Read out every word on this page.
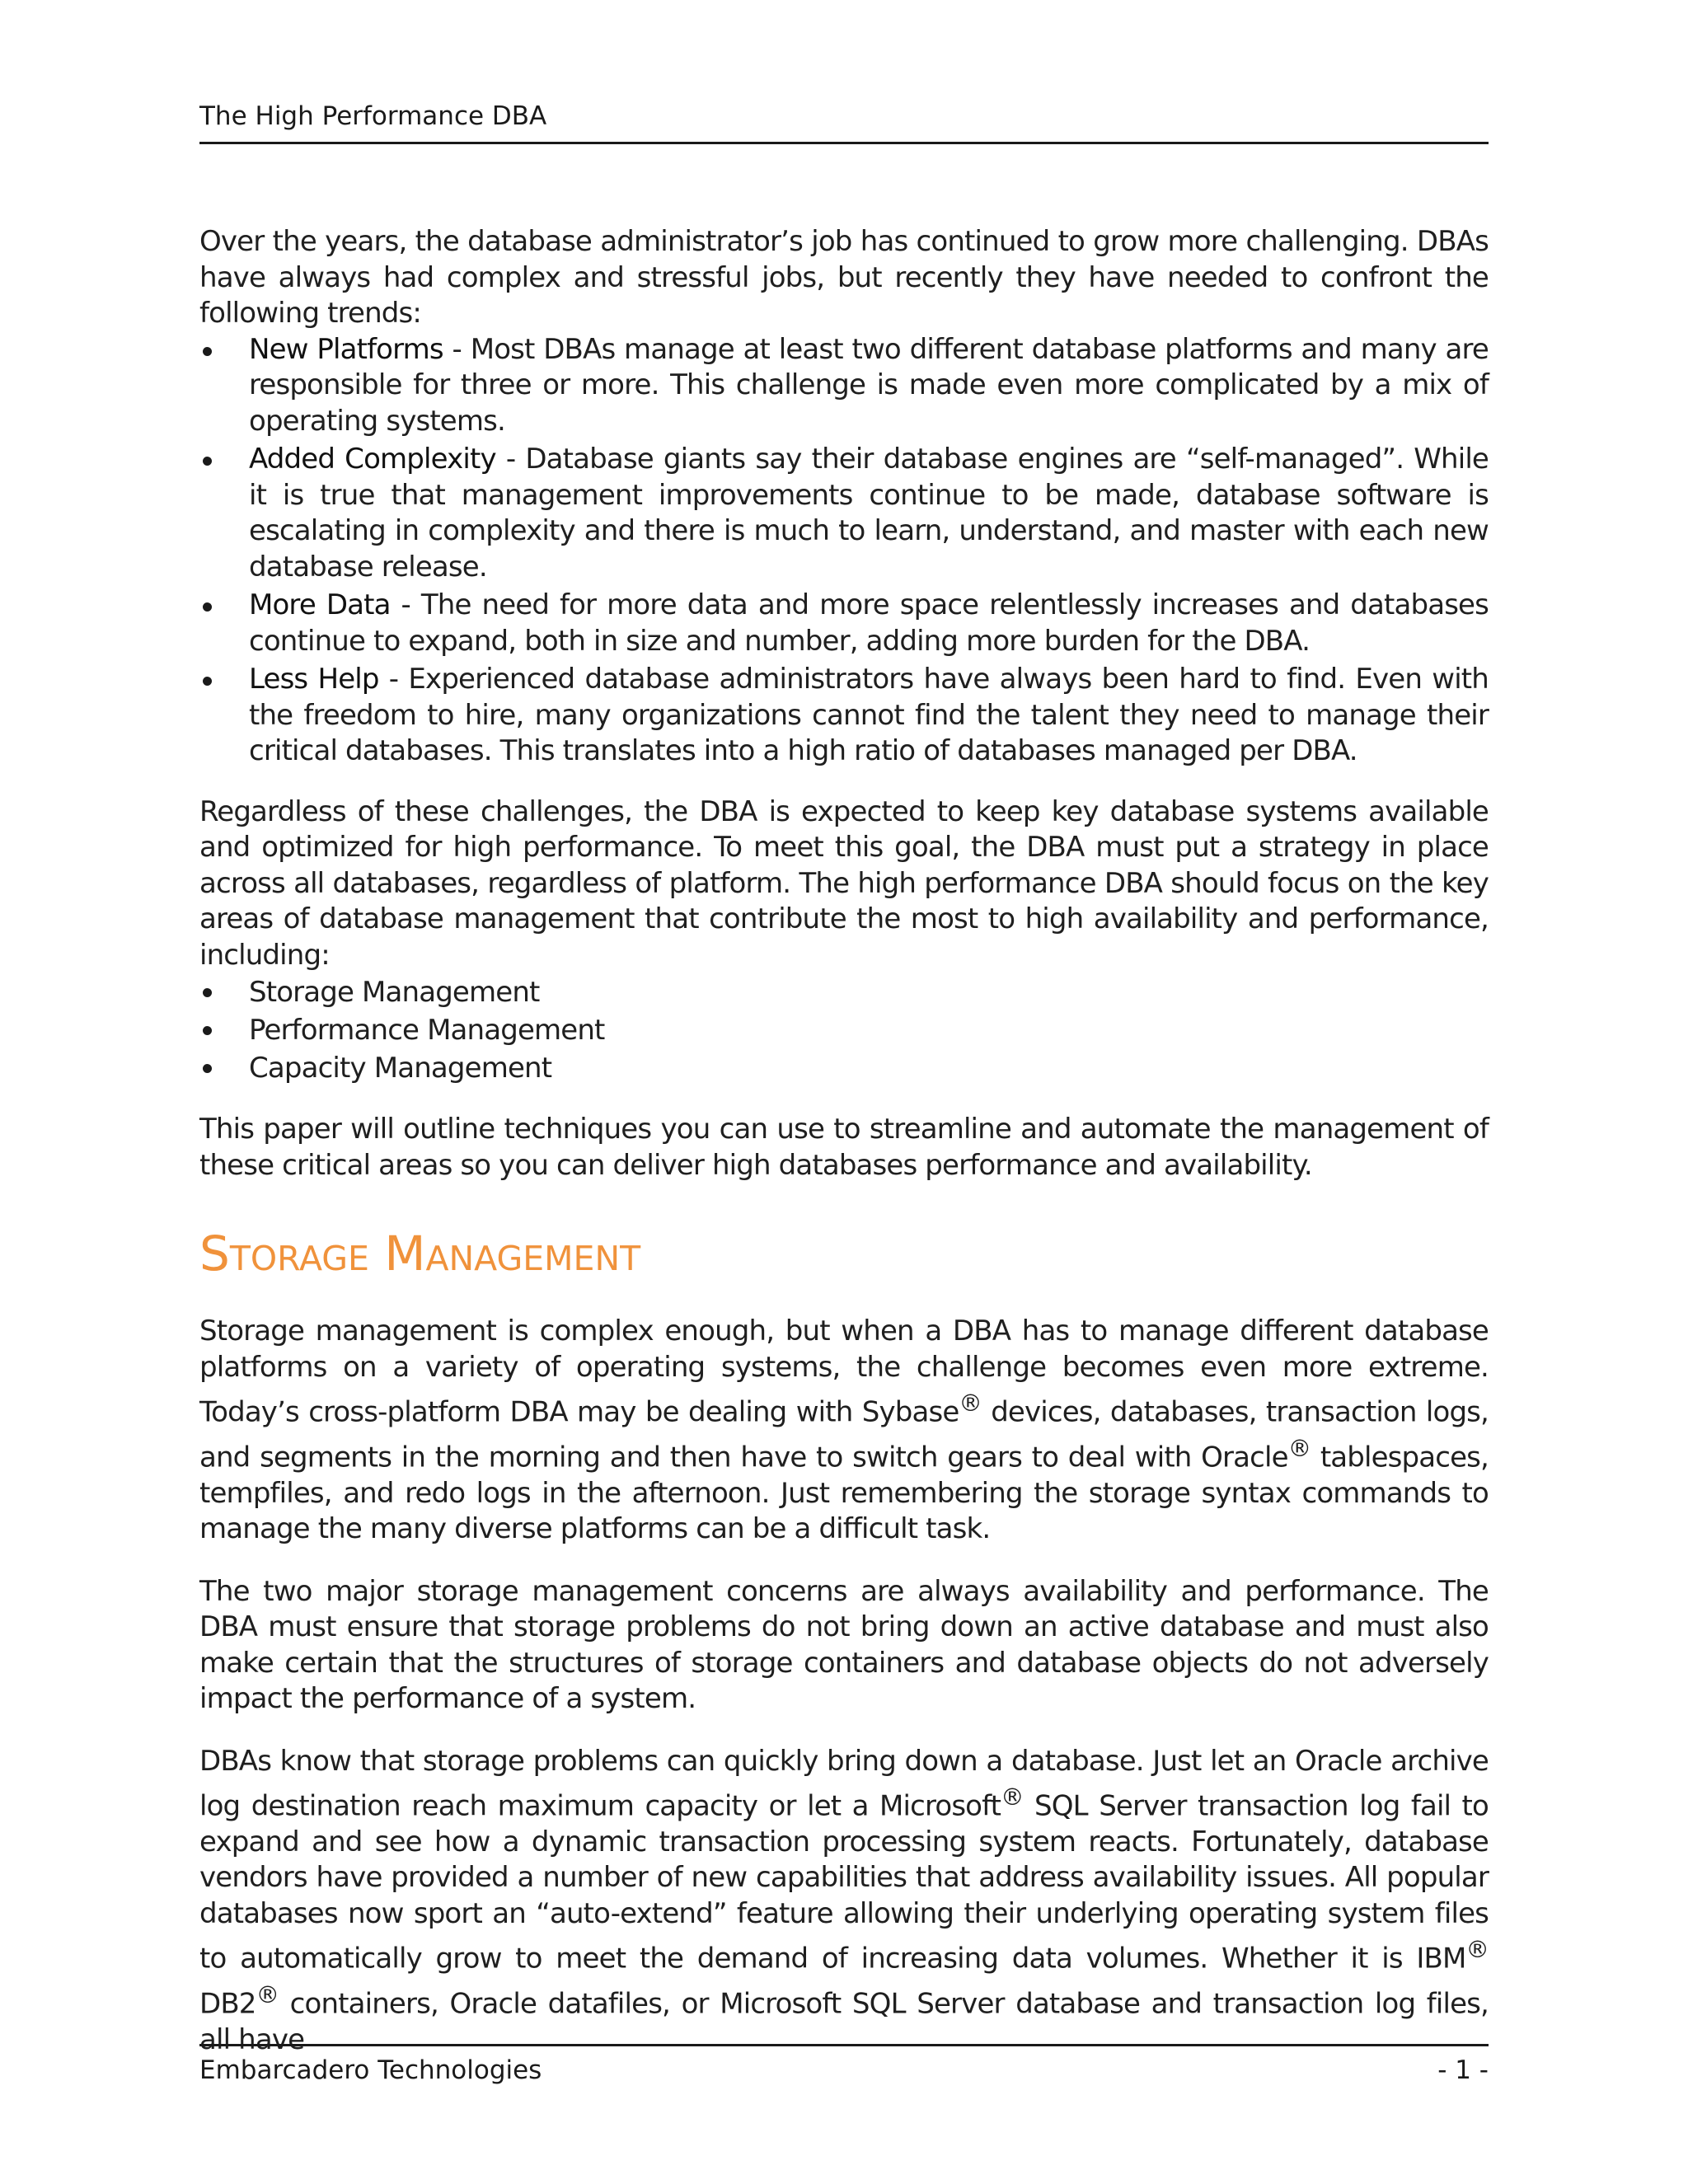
The High Performance DBA

Over the years, the database administrator’s job has continued to grow more challenging. DBAs have always had complex and stressful jobs, but recently they have needed to confront the following trends:

New Platforms - Most DBAs manage at least two different database platforms and many are responsible for three or more. This challenge is made even more complicated by a mix of operating systems.
Added Complexity - Database giants say their database engines are “self-managed”. While it is true that management improvements continue to be made, database software is escalating in complexity and there is much to learn, understand, and master with each new database release.
More Data - The need for more data and more space relentlessly increases and databases continue to expand, both in size and number, adding more burden for the DBA.
Less Help - Experienced database administrators have always been hard to find. Even with the freedom to hire, many organizations cannot find the talent they need to manage their critical databases. This translates into a high ratio of databases managed per DBA.

Regardless of these challenges, the DBA is expected to keep key database systems available and optimized for high performance. To meet this goal, the DBA must put a strategy in place across all databases, regardless of platform. The high performance DBA should focus on the key areas of database management that contribute the most to high availability and performance, including:

Storage Management
Performance Management
Capacity Management

This paper will outline techniques you can use to streamline and automate the management of these critical areas so you can deliver high databases performance and availability.

Storage Management

Storage management is complex enough, but when a DBA has to manage different database platforms on a variety of operating systems, the challenge becomes even more extreme. Today’s cross-platform DBA may be dealing with Sybase® devices, databases, transaction logs, and segments in the morning and then have to switch gears to deal with Oracle® tablespaces, tempfiles, and redo logs in the afternoon. Just remembering the storage syntax commands to manage the many diverse platforms can be a difficult task.

The two major storage management concerns are always availability and performance. The DBA must ensure that storage problems do not bring down an active database and must also make certain that the structures of storage containers and database objects do not adversely impact the performance of a system.

DBAs know that storage problems can quickly bring down a database. Just let an Oracle archive log destination reach maximum capacity or let a Microsoft® SQL Server transaction log fail to expand and see how a dynamic transaction processing system reacts. Fortunately, database vendors have provided a number of new capabilities that address availability issues. All popular databases now sport an “auto-extend” feature allowing their underlying operating system files to automatically grow to meet the demand of increasing data volumes. Whether it is IBM® DB2® containers, Oracle datafiles, or Microsoft SQL Server database and transaction log files, all have

Embarcadero Technologies	- 1 -
